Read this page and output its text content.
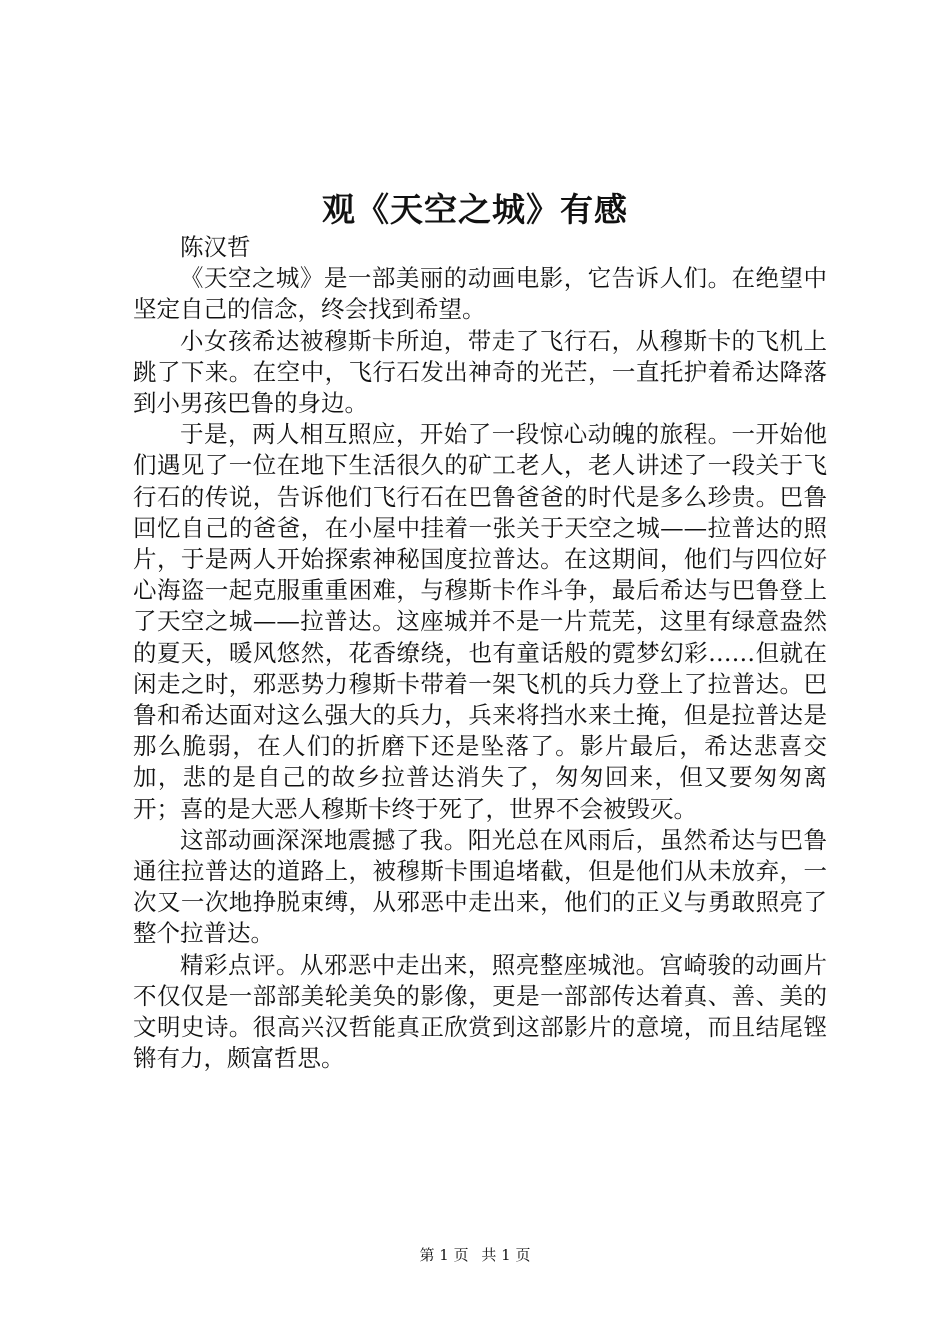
观《天空之城》有感

陈汉哲

《天空之城》是一部美丽的动画电影，它告诉人们。在绝望中坚定自己的信念，终会找到希望。

小女孩希达被穆斯卡所迫，带走了飞行石，从穆斯卡的飞机上跳了下来。在空中，飞行石发出神奇的光芒，一直托护着希达降落到小男孩巴鲁的身边。

于是，两人相互照应，开始了一段惊心动魄的旅程。一开始他们遇见了一位在地下生活很久的矿工老人，老人讲述了一段关于飞行石的传说，告诉他们飞行石在巴鲁爸爸的时代是多么珍贵。巴鲁回忆自己的爸爸，在小屋中挂着一张关于天空之城——拉普达的照片，于是两人开始探索神秘国度拉普达。在这期间，他们与四位好心海盗一起克服重重困难，与穆斯卡作斗争，最后希达与巴鲁登上了天空之城——拉普达。这座城并不是一片荒芜，这里有绿意盎然的夏天，暖风悠然，花香缭绕，也有童话般的霓梦幻彩……但就在闲走之时，邪恶势力穆斯卡带着一架飞机的兵力登上了拉普达。巴鲁和希达面对这么强大的兵力，兵来将挡水来土掩，但是拉普达是那么脆弱，在人们的折磨下还是坠落了。影片最后，希达悲喜交加，悲的是自己的故乡拉普达消失了，匆匆回来，但又要匆匆离开；喜的是大恶人穆斯卡终于死了，世界不会被毁灭。

这部动画深深地震撼了我。阳光总在风雨后，虽然希达与巴鲁通往拉普达的道路上，被穆斯卡围追堵截，但是他们从未放弃，一次又一次地挣脱束缚，从邪恶中走出来，他们的正义与勇敢照亮了整个拉普达。

精彩点评。从邪恶中走出来，照亮整座城池。宫崎骏的动画片不仅仅是一部部美轮美奂的影像，更是一部部传达着真、善、美的文明史诗。很高兴汉哲能真正欣赏到这部影片的意境，而且结尾铿锵有力，颇富哲思。

第 1 页 共 1 页
